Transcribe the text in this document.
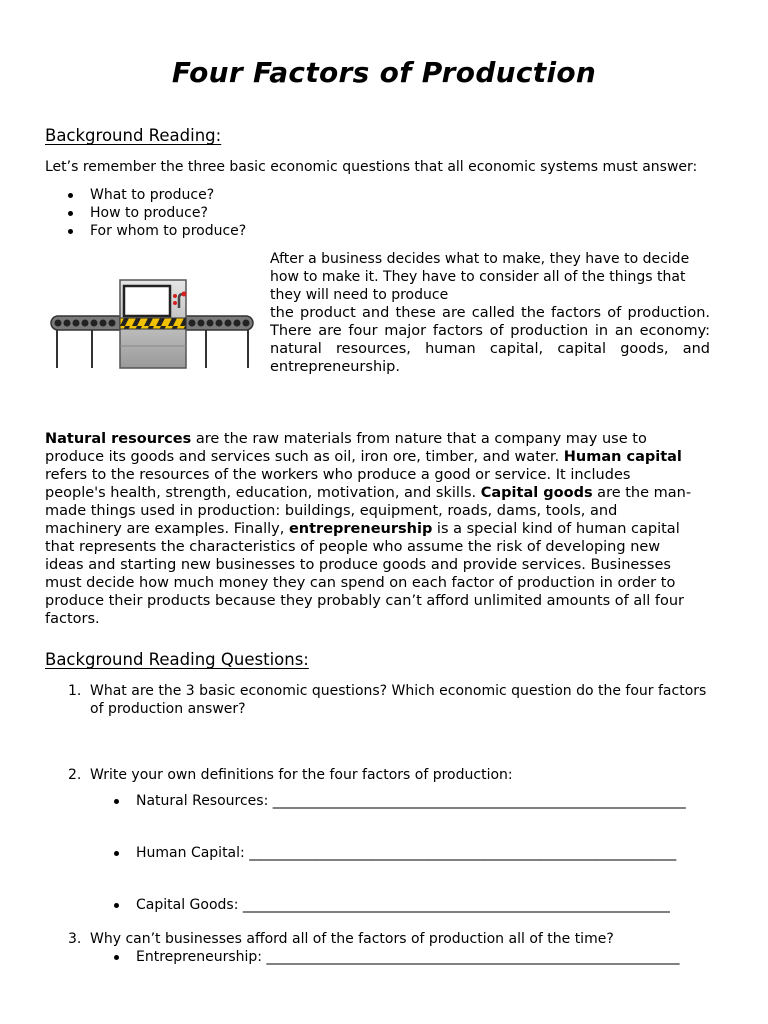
Four Factors of Production
Background Reading:
Let’s remember the three basic economic questions that all economic systems must answer:
What to produce?
How to produce?
For whom to produce?
After a business decides what to make, they have to decide
how to make it. They have to consider all of the things that
they will need to produce
the product and these are called the factors of production.
There are four major factors of production in an economy:
natural resources, human capital, capital goods, and
entrepreneurship.
Natural resources are the raw materials from nature that a company may use to
produce its goods and services such as oil, iron ore, timber, and water. Human capital
refers to the resources of the workers who produce a good or service. It includes
people's health, strength, education, motivation, and skills. Capital goods are the man-
made things used in production: buildings, equipment, roads, dams, tools, and
machinery are examples. Finally, entrepreneurship is a special kind of human capital
that represents the characteristics of people who assume the risk of developing new
ideas and starting new businesses to produce goods and provide services. Businesses
must decide how much money they can spend on each factor of production in order to
produce their products because they probably can’t afford unlimited amounts of all four
factors.
Background Reading Questions:
1. What are the 3 basic economic questions? Which economic question do the four factors
of production answer?
2. Write your own definitions for the four factors of production:
Natural Resources: ___________________________________________________________
Human Capital: _____________________________________________________________
Capital Goods: _____________________________________________________________
Entrepreneurship: ___________________________________________________________
3. Why can’t businesses afford all of the factors of production all of the time?
